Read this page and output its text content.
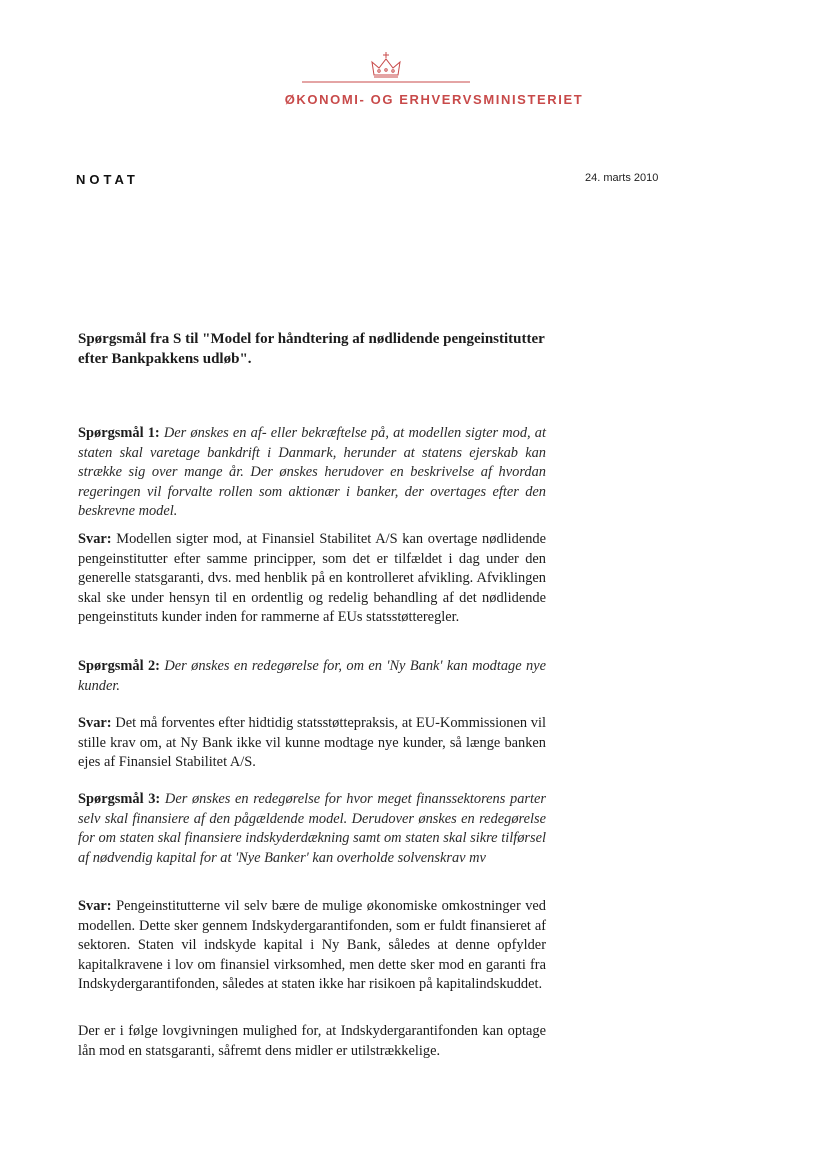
ØKONOMI- OG ERHVERVSMINISTERIET
NOTAT	24. marts 2010
Spørgsmål fra S til "Model for håndtering af nødlidende pengeinstitutter efter Bankpakkens udløb".
Spørgsmål 1: Der ønskes en af- eller bekræftelse på, at modellen sigter mod, at staten skal varetage bankdrift i Danmark, herunder at statens ejerskab kan strække sig over mange år. Der ønskes herudover en beskrivelse af hvordan regeringen vil forvalte rollen som aktionær i banker, der overtages efter den beskrevne model.
Svar: Modellen sigter mod, at Finansiel Stabilitet A/S kan overtage nødlidende pengeinstitutter efter samme principper, som det er tilfældet i dag under den generelle statsgaranti, dvs. med henblik på en kontrolleret afvikling. Afviklingen skal ske under hensyn til en ordentlig og redelig behandling af det nødlidende pengeinstituts kunder inden for rammerne af EUs statsstøtteregler.
Spørgsmål 2: Der ønskes en redegørelse for, om en 'Ny Bank' kan modtage nye kunder.
Svar: Det må forventes efter hidtidig statsstøttepraksis, at EU-Kommissionen vil stille krav om, at Ny Bank ikke vil kunne modtage nye kunder, så længe banken ejes af Finansiel Stabilitet A/S.
Spørgsmål 3: Der ønskes en redegørelse for hvor meget finanssektorens parter selv skal finansiere af den pågældende model. Derudover ønskes en redegørelse for om staten skal finansiere indskyderdækning samt om staten skal sikre tilførsel af nødvendig kapital for at 'Nye Banker' kan overholde solvenskrav mv
Svar: Pengeinstitutterne vil selv bære de mulige økonomiske omkostninger ved modellen. Dette sker gennem Indskydergarantifonden, som er fuldt finansieret af sektoren. Staten vil indskyde kapital i Ny Bank, således at denne opfylder kapitalkravene i lov om finansiel virksomhed, men dette sker mod en garanti fra Indskydergarantifonden, således at staten ikke har risikoen på kapitalindskuddet.
Der er i følge lovgivningen mulighed for, at Indskydergarantifonden kan optage lån mod en statsgaranti, såfremt dens midler er utilstrækkelige.
